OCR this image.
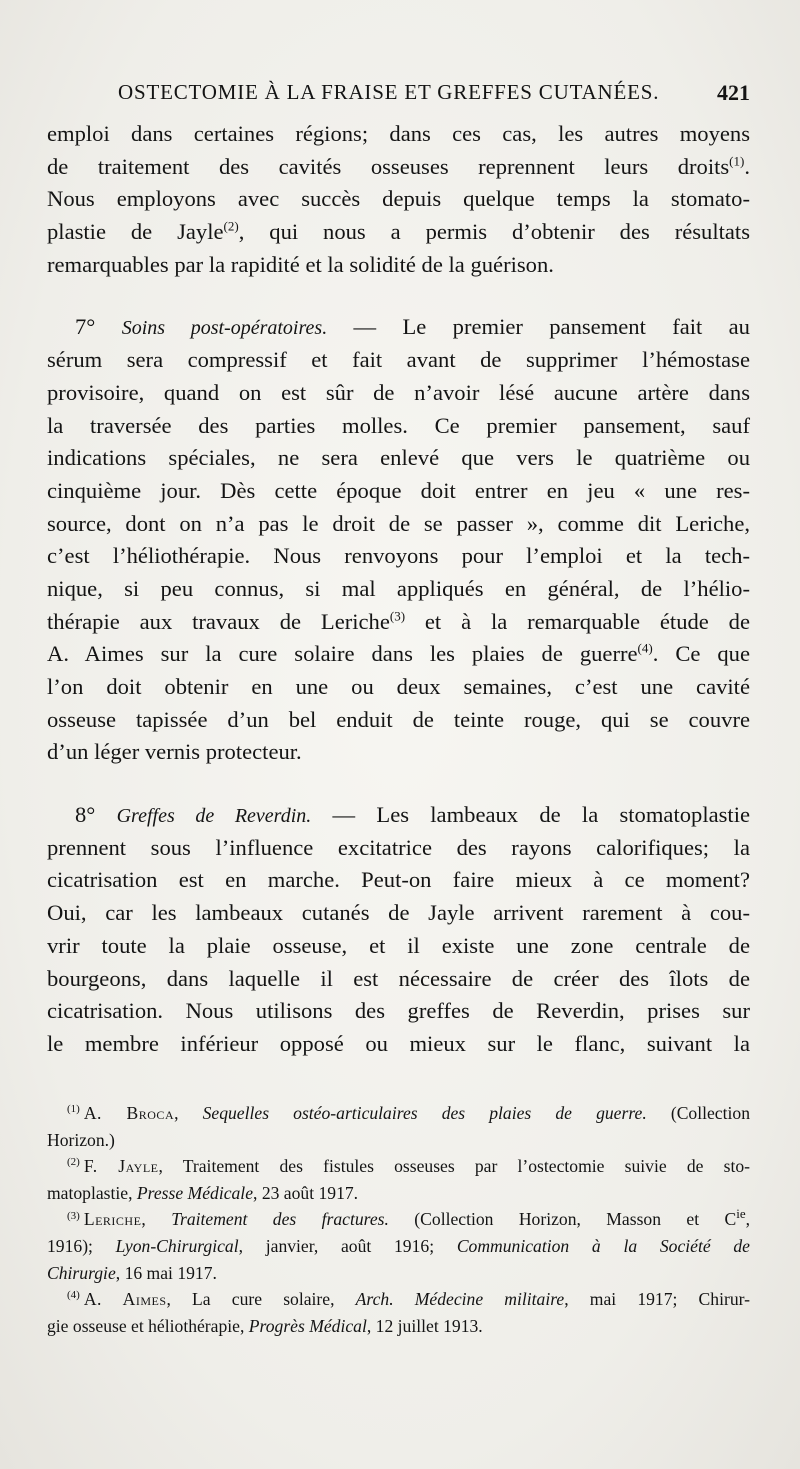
OSTECTOMIE À LA FRAISE ET GREFFES CUTANÉES.	421
emploi dans certaines régions; dans ces cas, les autres moyens
de traitement des cavités osseuses reprennent leurs droits$^{(1)}$.
Nous employons avec succès depuis quelque temps la stomato-
plastie de Jayle$^{(2)}$, qui nous a permis d’obtenir des résultats
remarquables par la rapidité et la solidité de la guérison.
7° Soins post-opératoires. — Le premier pansement fait au
sérum sera compressif et fait avant de supprimer l’hémostase
provisoire, quand on est sûr de n’avoir lésé aucune artère dans
la traversée des parties molles. Ce premier pansement, sauf
indications spéciales, ne sera enlevé que vers le quatrième ou
cinquième jour. Dès cette époque doit entrer en jeu « une res-
source, dont on n’a pas le droit de se passer », comme dit Leriche,
c’est l’héliothérapie. Nous renvoyons pour l’emploi et la tech-
nique, si peu connus, si mal appliqués en général, de l’hélio-
thérapie aux travaux de Leriche$^{(3)}$ et à la remarquable étude de
A. Aimes sur la cure solaire dans les plaies de guerre$^{(4)}$. Ce que
l’on doit obtenir en une ou deux semaines, c’est une cavité
osseuse tapissée d’un bel enduit de teinte rouge, qui se couvre
d’un léger vernis protecteur.
8° Greffes de Reverdin. — Les lambeaux de la stomatoplastie
prennent sous l’influence excitatrice des rayons calorifiques; la
cicatrisation est en marche. Peut-on faire mieux à ce moment?
Oui, car les lambeaux cutanés de Jayle arrivent rarement à cou-
vrir toute la plaie osseuse, et il existe une zone centrale de
bourgeons, dans laquelle il est nécessaire de créer des îlots de
cicatrisation. Nous utilisons des greffes de Reverdin, prises sur
le membre inférieur opposé ou mieux sur le flanc, suivant la
$^{(1)}$ A. Broca, Sequelles ostéo-articulaires des plaies de guerre. (Collection
Horizon.)
$^{(2)}$ F. Jayle, Traitement des fistules osseuses par l’ostectomie suivie de sto-
matoplastie, Presse Médicale, 23 août 1917.
$^{(3)}$ Leriche, Traitement des fractures. (Collection Horizon, Masson et $C^{ie}$,
1916); Lyon-Chirurgical, janvier, août 1916; Communication à la Société de
Chirurgie, 16 mai 1917.
$^{(4)}$ A. Aimes, La cure solaire, Arch. Médecine militaire, mai 1917; Chirur-
gie osseuse et héliothérapie, Progrès Médical, 12 juillet 1913.
